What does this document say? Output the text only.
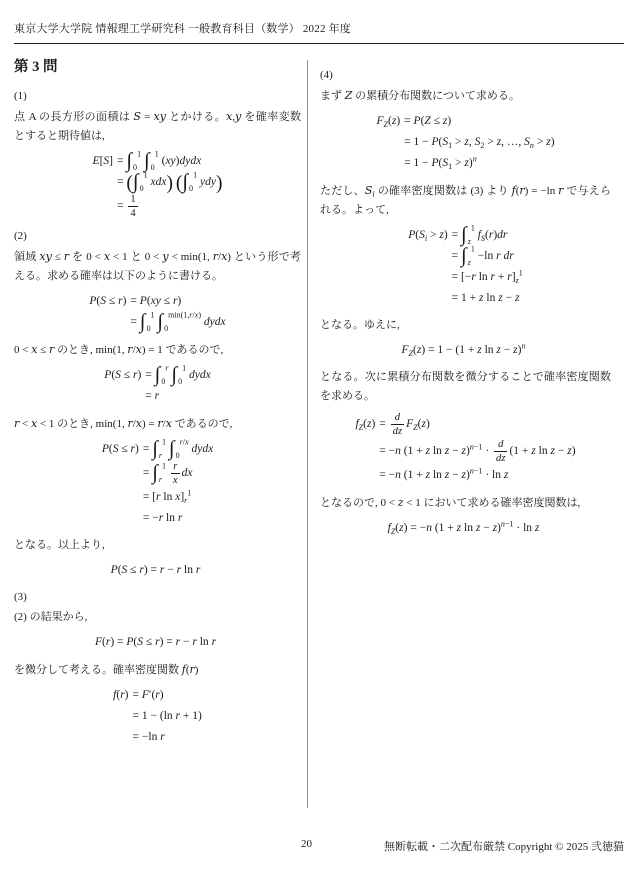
東京大学大学院 情報理工学研究科 一般教育科目（数学） 2022 年度
第 3 問
(1)

点 A の長方形の面積は S = xy とかける。x,y を確率変数とすると期待値は,

$E[S] = \int_0^1$ $\int_0^1$ (xy)dydx
= ($\int_0^1$ xdx) ($\int_0^1$ ydy)
= $\frac{1}{4}$
(2)

領域 xy ≤ r を 0 < x < 1 と 0 < y < min(1, r/x) という形で考える。求める確率は以下のように書ける。

P(S ≤ r) = P(xy ≤ r)
= $\int_0^1$ $\int_0^{min(1,r/x)}$ dydx

0 < x ≤ r のとき, min(1, r/x) = 1 であるので,

$P(S \le r) = \int_0^r$ $\int_0^1$ dydx
= r

r < x < 1 のとき, min(1, r/x) = r/x であるので,

$P(S \le r) = \int_r^1$ $\int_0^{r/x}$ dydx
= $\int_r^1 \frac{r}{x}$ dx
= [r $\ln x]_r^1$
= −r ln r

となる。以上より,

P(S ≤ r) = r − r ln r
(3)

(2) の結果から,

F(r) = P(S ≤ r) = r − r ln r

を微分して考える。確率密度関数 f(r)

f(r) = F′(r)
= 1 − (ln r + 1)
= −ln r
(4)

まず Z の累積分布関数について求める。

$F_Z(z) = P(Z \le z)$
= $1 - P(S_1 > z$, $S_2 > z$, …, $S_n > z$)
= $1 - P(S_1 > z)^n$

ただし、$S_i$ の確率密度関数は (3) より f(r) = −ln r で与えられる。よって,

$P(S_i > z) = \int_z^1$ $f_S(r)dr$
= $\int_z^1 -\ln$ r dr
= [−r $\ln r + r]_z^1$
= 1 + z ln z − z

となる。ゆえに,

$F_Z(z) = 1 - (1 + z$ ln z − z)$^n$

となる。次に累積分布関数を微分することで確率密度関数を求める。

$f_Z(z) = \frac{d}{dz} F_Z(z)$
= −n (1 + z $\ln z - z)^{n-1} \cdot \frac{d}{dz} (1 + z$ ln z − z)
= −n (1 + z ln z − z)$^{n-1}$ · ln z

となるので, 0 < z < 1 において求める確率密度関数は,

$f_Z(z) = -n$ (1 + z ln z − z)$^{n-1}$ · ln z
20	無断転載・二次配布厳禁 Copyright © 2025 弐徳猫
